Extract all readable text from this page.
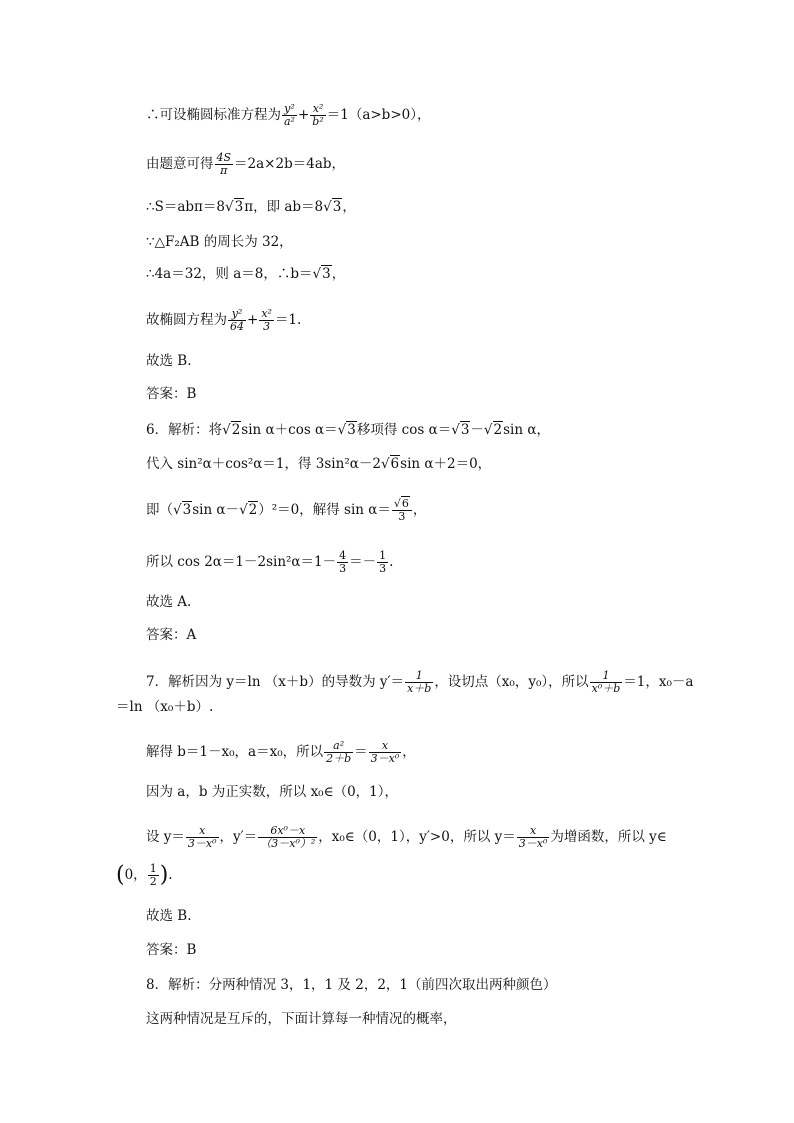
∴可设椭圆标准方程为 $\frac{\text{y²}}{\text{a²}} + \frac{\text{x²}}{\text{b²}} =1(a>b>0)$，
由题意可得 $\frac{4S}{\pi} =2a\times 2b=4ab$，
∴S＝abπ＝8 √ 3π，即 ab＝8 √ 3，
∵△F₂AB 的周长为 32，
∴4a＝32，则 a＝8，∴b＝ √ 3，
故椭圆方程为 $\frac{\text{y²}}{64} + \frac{\text{x²}}{3} =1$.
故选 B.
答案：B
6．解析：将 √ 2sin α＋cos α＝ √ 3移项得 cos α＝ √ 3－ √ 2sin α，
代入 sin²α＋cos²α＝1，得 3sin²α－2 √ 6sin α＋2＝0，
即（ √ 3sin α－ √ 2）²＝0，解得 sin α＝ √ $\frac{6}{3}$ ，
所以 $\cos 2\alpha=1-2\sin^2\alpha=1- \frac{4}{3} =- \frac{1}{3}$ .
故选 A.
答案：A
7．解析因为 y＝ln （x＋b）的导数为 $y'= \frac{1}{x+b}$ ，设切点（x₀，y₀），所以 $\frac{1}{\text{x⁰＋b}} =1$，x₀－a
＝ln （x₀＋b）.
解得 b＝1－x₀，a＝x₀，所以 $\frac{\text{a²}}{2+b} = \frac{x}{\text{3－x⁰}}$ ，
因为 a，b 为正实数，所以 x₀∈（0，1），
设 $y= \frac{x}{\text{3－x⁰}}$ ，$y'= \frac{\text{6x⁰－x}}{\text{（3－x⁰）²}}$ ，x₀∈（0，1），y′>0，所以 $y= \frac{x}{\text{3－x⁰}}$ 为增函数，所以 y∈
(0， $\frac{1}{2}$ ).
故选 B.
答案：B
8．解析：分两种情况 3，1，1 及 2，2，1（前四次取出两种颜色）
这两种情况是互斥的，下面计算每一种情况的概率，
